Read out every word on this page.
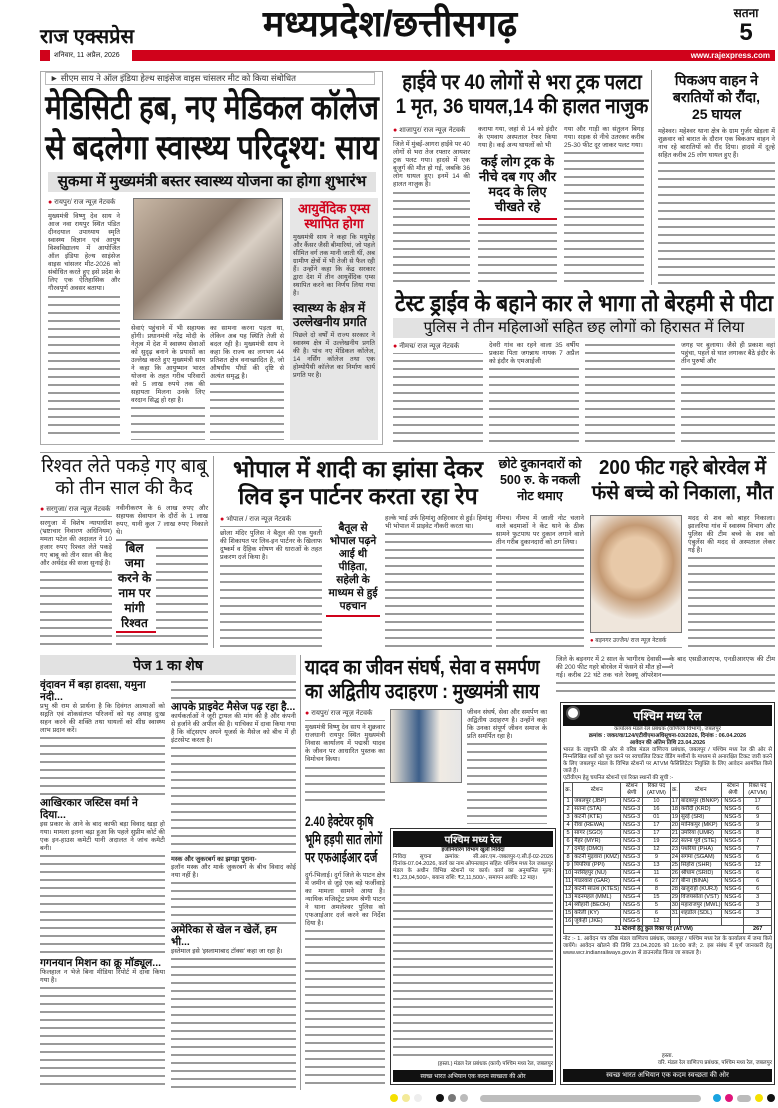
राज एक्सप्रेस
शनिवार, 11 अप्रैल, 2026	www.rajexpress.com
मध्यप्रदेश/छत्तीसगढ़	सतना
5
► सीएम साय ने ऑल इंडिया हेल्थ साइंसेज वाइस चांसलर मीट को किया संबोधित
मेडिसिटी हब, नए मेडिकल कॉलेज
से बदलेगा स्वास्थ्य परिदृश्य: साय
सुकमा में मुख्यमंत्री बस्तर स्वास्थ्य योजना का होगा शुभारंभ
● रायपुर/ राज न्यूज़ नेटवर्क
मुख्यमंत्री विष्णु देव साय ने आज नवा रायपुर स्थित पंडित दीनदयाल उपाध्याय स्मृति स्वास्थ्य विज्ञान एवं आयुष विश्वविद्यालय में आयोजित ऑल इंडिया हेल्थ साइंसेज वाइस चांसलर मीट-2026 को संबोधित करते हुए इसे प्रदेश के लिए एक ऐतिहासिक और गौरवपूर्ण अवसर बताया।
सेवाएं पहुंचाने में भी सहायक होंगी। प्रधानमंत्री नरेंद्र मोदी के नेतृत्व में देश में स्वास्थ्य सेवाओं को सुदृढ़ बनाने के प्रयासों का उल्लेख करते हुए मुख्यमंत्री साय ने कहा कि आयुष्मान भारत योजना के तहत गरीब परिवारों को 5 लाख रुपये तक की सहायता मिलना उनके लिए वरदान सिद्ध हो रहा है।
का सामना करना पड़ता था, लेकिन अब यह स्थिति तेजी से बदल रही है। मुख्यमंत्री साय ने कहा कि राज्य का लगभग 44 प्रतिशत क्षेत्र वनाच्छादित है, जो औषधीय पौधों की दृष्टि से अत्यंत समृद्ध है।
आयुर्वेदिक एम्स स्थापित होगा
मुख्यमंत्री साय ने कहा कि मधुमेह और कैंसर जैसी बीमारियां, जो पहले सीमित वर्ग तक मानी जाती थीं, अब ग्रामीण क्षेत्रों में भी तेजी से फैल रही हैं। उन्होंने कहा कि केंद्र सरकार द्वारा देश में तीन आयुर्वेदिक एम्स स्थापित करने का निर्णय लिया गया है।
स्वास्थ्य के क्षेत्र में उल्लेखनीय प्रगति
पिछले दो वर्षों में राज्य सरकार ने स्वास्थ्य क्षेत्र में उल्लेखनीय प्रगति की है। पांच नए मेडिकल कॉलेज, 14 नर्सिंग कॉलेज तथा एक होम्योपैथी कॉलेज का निर्माण कार्य प्रगति पर है।
हाईवे पर 40 लोगों से भरा ट्रक पलटा 1 मृत, 36 घायल,14 की हालत नाजुक
● शाजापुर/ राज न्यूज़ नेटवर्क
जिले में मुंबई-आगरा हाईवे पर 40 लोगों से भरा तेज रफ्तार आयशर ट्रक पलट गया। हादसे में एक बुजुर्ग की मौत हो गई, जबकि 36 लोग घायल हुए। इनमें 14 की हालत नाजुक है।
कराया गया, जहां से 14 को इंदौर के एमवाय अस्पताल रेफर किया गया है। कई अन्य घायलों को भी
कई लोग ट्रक के नीचे दब गए और मदद के लिए चीखते रहे
गया और गाड़ी का संतुलन बिगड़ गया। सड़क से नीचे उतरकर करीब 25-30 फीट दूर जाकर पलट गया।
पिकअप वाहन ने बरातियों को रौंदा, 25 घायल
महेश्वर। महेश्वर थाना क्षेत्र के ग्राम गुर्जर खेड़ला में शुक्रवार को बारात के दौरान एक बिकअप वाहन ने नाच रहे बारातियों को रौंद दिया। हादसे में दूल्हे सहित करीब 25 लोग घायल हुए हैं।
टेस्ट ड्राईव के बहाने कार ले भागा तो बेरहमी से पीटा
पुलिस ने तीन महिलाओं सहित छह लोगों को हिरासत में लिया
● नीमच/ राज न्यूज़ नेटवर्क	देवरी गांव का रहने वाला 35 वर्षीय प्रकाश पिता जगन्नाथ नायक 7 अप्रैल को इंदौर के एमआईजी
जगह पर बुलाया। जैसे ही प्रकाश वहां पहुंचा, पहले से घात लगाकर बैठे इंदौर के तीन पुरुषों और
रिश्वत लेते पकड़े गए बाबू को तीन साल की कैद
● सरगुजा/ राज न्यूज़ नेटवर्क
सरगुजा में विशेष न्यायाधीश (भ्रष्टाचार निवारण अधिनियम) ममता पटेल की अदालत ने 10 हजार रुपए रिश्वत लेते पकड़े गए बाबू को तीन साल की कैद और अर्थदंड की सजा सुनाई है।
नवीनीकरण के 6 लाख रुपए और सहायक सेवायान के दौरों के 1 लाख रुपए, यानी कुल 7 लाख रुपए निकाले थे।
बिल जमा करने के नाम पर मांगी रिश्वत
भोपाल में शादी का झांसा देकर लिव इन पार्टनर करता रहा रेप
● भोपाल / राज न्यूज़ नेटवर्क
छोला मंदिर पुलिस ने बैतूल की एक युवती की शिकायत पर लिव-इन पार्टनर के खिलाफ दुष्कर्म व दैहिक शोषण की धाराओं के तहत प्रकरण दर्ज किया है।
बैतूल से भोपाल पढ़ने आई थी पीड़िता, सहेली के माध्यम से हुई पहचान
हल्के भाई उर्फ हिमांशु अहिरवार से हुई। हिमांशु भी भोपाल में प्राइवेट नौकरी करता था।
छोटे दुकानदारों को 500 रु. के नकली नोट थमाए
नीमच। नीमच में जाली नोट चलाने वाले बदमाशों ने केंट थाने के ठीक सामने फुटपाथ पर दुकान लगाने वाले तीन गरीब दुकानदारों को ठग लिया।
200 फीट गहरे बोरवेल में फंसे बच्चे को निकाला, मौत
● बड़नगर उज्जैन/ राज न्यूज़ नेटवर्क
मदद से शव को बाहर निकाला। झालरिया गांव में स्वास्थ्य विभाग और पुलिस की टीम बच्चे के शव को एंबुलेंस की मदद से अस्पताल लेकर गई है।
जिले के बड़नगर में 2 साल के भागीरथ देवासी की 200 फीट गहरे बोरवेल में फंसने से मौत हो गई। करीब 22 घंटे तक चले रेस्क्यू ऑपरेशन के बाद एसडीआरएफ, एनडीआरएफ की टीम ने
पेज 1 का शेष
वृंदावन में बड़ा हादसा, यमुना नदी...
प्रभु श्री राम से प्रार्थना है कि दिवंगत आत्माओं को सद्गति एवं शोकसंतप्त परिजनों को यह अथाह दुःख सहन करने की शक्ति तथा घायलों को शीघ्र स्वास्थ्य लाभ प्रदान करें।
आखिरकार जस्टिस वर्मा ने दिया...
इस प्रकार के आने के बाद काफी बड़ा विवाद खड़ा हो गया। मामला इतना बढ़ा हुआ कि पहले सुप्रीम कोर्ट की एक इन-हाउस कमेटी यानी अदालत ने जांच कमेटी बनी।
गगनयान मिशन का क्रू मॉड्यूल...
फिलहाल न भेजे बिना मीडिया रिपोर्ट में दावा किया गया है।
आपके प्राइवेट मैसेज पढ़ रहा है...
कार्यकर्ताओं ने जूरी ट्रायल की मांग की है और कंपनी से हर्जाने की अपील की है। याचिका में दावा किया गया है कि वॉट्सएप अपने यूजर्स के मैसेज को बीच में ही इंटरसेप्ट करता है।
मस्क और जुकरबर्ग का झगड़ा पुराना-
इलॉन मस्क और मार्क जुकरबर्ग के बीच विवाद कोई नया नहीं है।
अमेरिका से खेल न खेलें, हम भी...
इस्तेमाल इसे 'इस्लामाबाद टॉक्स' कहा जा रहा है।
यादव का जीवन संघर्ष, सेवा व समर्पण का अद्वितीय उदाहरण : मुख्यमंत्री साय
● रायपुर/ राज न्यूज़ नेटवर्क
मुख्यमंत्री विष्णु देव साय ने शुक्रवार राजधानी रायपुर स्थित मुख्यमंत्री निवास कार्यालय में पद्मश्री यादव के जीवन पर आधारित पुस्तक का विमोचन किया।
जीवन संघर्ष, सेवा और समर्पण का अद्वितीय उदाहरण है। उन्होंने कहा कि उनका संपूर्ण जीवन समाज के प्रति समर्पित रहा है।
2.40 हेक्टेयर कृषि भूमि हड़पी सात लोगों पर एफआईआर दर्ज
दुर्ग-भिलाई। दुर्ग जिले के पाटन क्षेत्र में जमीन से जुड़े एक बड़े फर्जीवाड़े का मामला सामने आया है। न्यायिक मजिस्ट्रेट प्रथम श्रेणी पाटन ने थाना अमलेश्वर पुलिस को एफआईआर दर्ज करने का निर्देश दिया है।
पश्चिम मध्य रेल
इंजीनियरिंग विभाग खुली निविदा
निविदा सूचना क्रमांक: सी.आर.एम.-जबलपुर-ए.सी.ई-02-2026 दिनांक-07.04.2026, कार्य का नाम ओपनलाइन सहित: पश्चिम मध्य रेल जबलपुर मंडल के अधीन विभिन्न स्टेशनों पर कार्य। कार्य का अनुमानित मूल्य: ₹1,23,04,500/-, बयाना राशि: ₹2,11,500/-, समापन अवधि: 12 माह।
(हस्ता.) मंडल रेल प्रबंधक (कार्य) पश्चिम मध्य रेल, जबलपुर
स्वच्छ भारत अभियान एक कदम स्वच्छता की ओर
पश्चिम मध्य रेल
कार्यालय मंडल रेल प्रबंधक (वाणिज्य विभाग), जबलपुर
क्रमांक : जकर/वा/124/एटीवीएम/अधिसूचना-03/2026, दिनांक : 06.04.2026
आवेदन की अंतिम तिथि 23.04.2026
भारत के राष्ट्रपति की ओर से वरिष्ठ मंडल वाणिज्य प्रबंधक, जबलपुर / पश्चिम मध्य रेल की ओर से निम्नलिखित शर्तों को पूरा करने पर स्वचालित टिकट वेंडिंग मशीनों के माध्यम से अनारक्षित टिकट जारी करने के लिए जबलपुर मंडल के विभिन्न स्टेशनों पर ATVM फैसिलिटेटर नियुक्ति के लिए आवेदन आमंत्रित किये जाते हैं।
एटीवीएम हेतु चयनित स्टेशनों एवं रिक्त स्थानों की सूची :-
क्र.	स्टेशन	स्टेशन श्रेणी	रिक्त पद (ATVM)	क्र.	स्टेशन	स्टेशन श्रेणी	रिक्त पद (ATVM)
1	जबलपुर (JBP)	NSG-2	10	17	बांदकपुर (BNKP)	NSG-5	17
2	सतना (STA)	NSG-3	16	18	करौंदी (KRD)	NSG-5	6
3	कटनी (KTE)	NSG-3	01	19	सुरई (SRI)	NSG-5	9
4	रीवा (REWA)	NSG-3	17	20	मानिकपुर (MKP)	NSG-5	9
5	सागर (SGO)	NSG-3	17	21	उमरिया (UMR)	NSG-5	8
6	मैहर (MYR)	NSG-3	19	22	सतना पूर्व (STE)	NSG-5	7
7	दमोह (DMO)	NSG-3	12	23	पथरिया (PHA)	NSG-5	7
8	कटनी मुड़वारा (KMZ)	NSG-3	9	24	सगमा (SGAM)	NSG-5	6
9	पिपरिया (PPI)	NSG-3	13	25	सिहोरा (SHR)	NSG-5	12
10	नरसिंहपुर (NU)	NSG-4	11	26	श्रीधाम (SRID)	NSG-5	6
11	गाडरवारा (GAR)	NSG-4	6	27	बीना (BINA)	NSG-5	6
12	कटनी साउथ (KTES)	NSG-4	8	28	खजुराहो (KURJ)	NSG-6	6
13	मदनमहल (MML)	NSG-4	15	29	विजयसोता (VST)	NSG-6	3
14	ब्यौहारी (BEOH)	NSG-5	5	30	महाराजपुर (MWL)	NSG-6	3
15	करेली (KY)	NSG-5	6	31	शहडोल (SDL)	NSG-6	3
16	जुकेही (JKE)	NSG-5	12				
31 स्टेशनों हेतु कुल रिक्त पद (ATVM)							267
नोट :- 1. आवेदन पत्र वरिष्ठ मंडल वाणिज्य प्रबंधक, जबलपुर / पश्चिम मध्य रेल के कार्यालय में जमा किये जायेंगे। आवेदन खोलने की तिथि 23.04.2026 को 16:00 बजे; 2. इस संबंध में पूर्ण जानकारी हेतु www.wcr.indianrailways.gov.in से डाउनलोड किया जा सकता है।
हस्ता.
वरि. मंडल रेल वाणिज्य प्रबंधक, पश्चिम मध्य रेल, जबलपुर
स्वच्छ भारत अभियान एक कदम स्वच्छता की ओर
